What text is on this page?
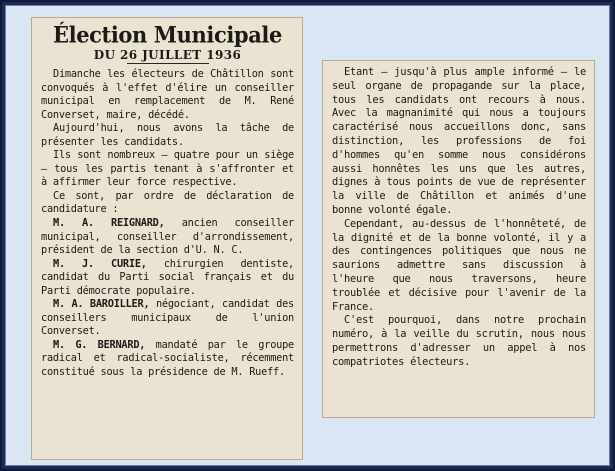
Élection Municipale
DU 26 JUILLET 1936

Dimanche les électeurs de Châtillon sont convoqués à l'effet d'élire un conseiller municipal en remplacement de M. René Converset, maire, décédé.

Aujourd'hui, nous avons la tâche de présenter les candidats.

Ils sont nombreux — quatre pour un siège — tous les partis tenant à s'affronter et à affirmer leur force respective.

Ce sont, par ordre de déclaration de candidature :

M. A. REIGNARD, ancien conseiller municipal, conseiller d'arrondissement, président de la section d'U. N. C.

M. J. CURIE, chirurgien dentiste, candidat du Parti social français et du Parti démocrate populaire.

M. A. BAROILLER, négociant, candidat des conseillers municipaux de l'union Converset.

M. G. BERNARD, mandaté par le groupe radical et radical-socialiste, récemment constitué sous la présidence de M. Rueff.

Etant — jusqu'à plus ample informé — le seul organe de propagande sur la place, tous les candidats ont recours à nous. Avec la magnanimité qui nous a toujours caractérisé nous accueillons donc, sans distinction, les professions de foi d'hommes qu'en somme nous considérons aussi honnêtes les uns que les autres, dignes à tous points de vue de représenter la ville de Châtillon et animés d'une bonne volonté égale.

Cependant, au-dessus de l'honnêteté, de la dignité et de la bonne volonté, il y a des contingences politiques que nous ne saurions admettre sans discussion à l'heure que nous traversons, heure troublée et décisive pour l'avenir de la France.

C'est pourquoi, dans notre prochain numéro, à la veille du scrutin, nous nous permettrons d'adresser un appel à nos compatriotes électeurs.
